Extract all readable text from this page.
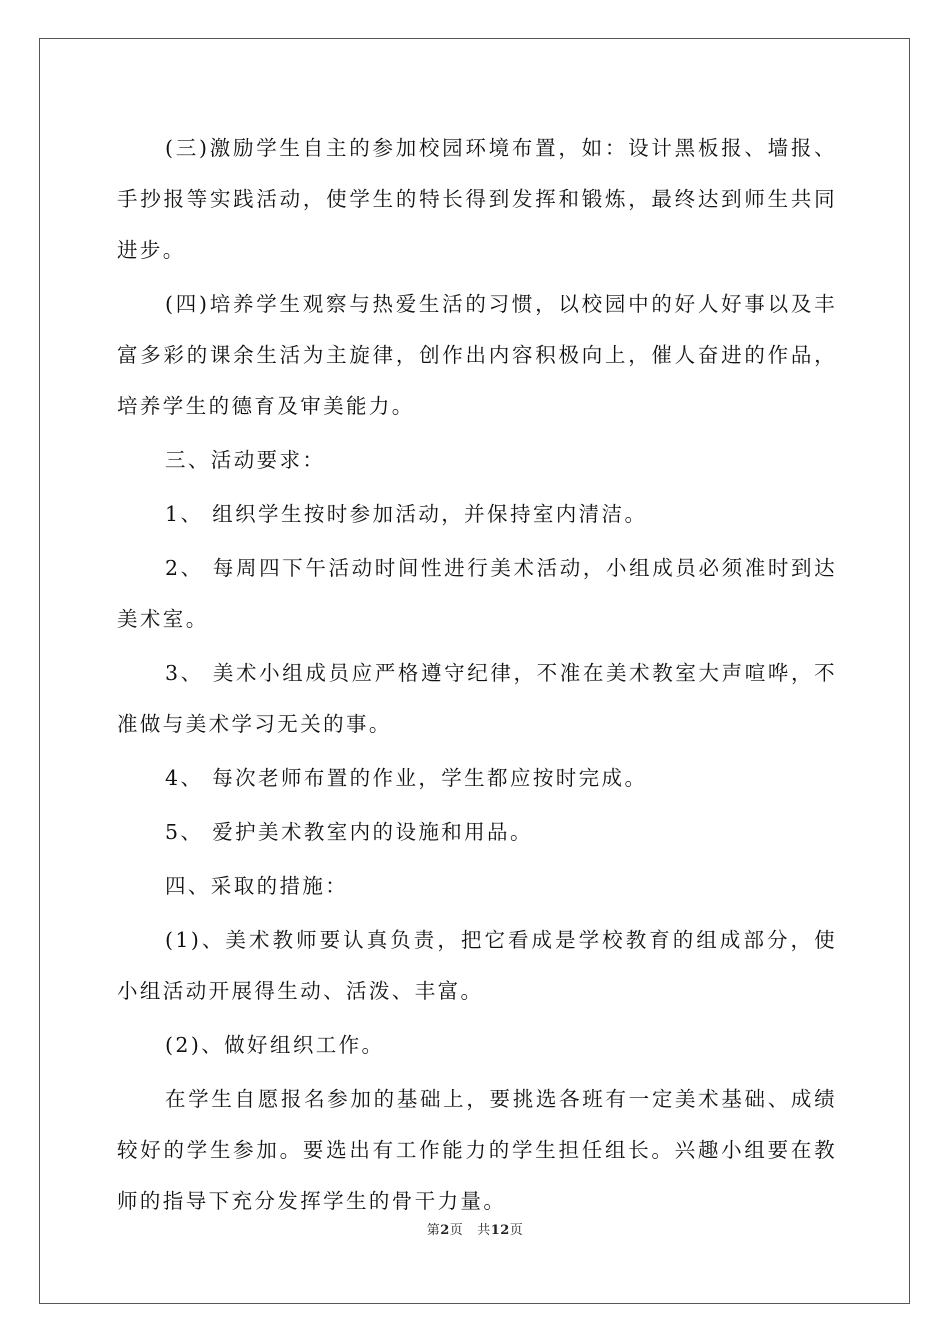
(三)激励学生自主的参加校园环境布置，如：设计黑板报、墙报、手抄报等实践活动，使学生的特长得到发挥和锻炼，最终达到师生共同进步。

(四)培养学生观察与热爱生活的习惯，以校园中的好人好事以及丰富多彩的课余生活为主旋律，创作出内容积极向上，催人奋进的作品，培养学生的德育及审美能力。

三、活动要求：

1、 组织学生按时参加活动，并保持室内清洁。

2、 每周四下午活动时间性进行美术活动，小组成员必须准时到达美术室。

3、 美术小组成员应严格遵守纪律，不准在美术教室大声喧哗，不准做与美术学习无关的事。

4、 每次老师布置的作业，学生都应按时完成。

5、 爱护美术教室内的设施和用品。

四、采取的措施：

(1)、美术教师要认真负责，把它看成是学校教育的组成部分，使小组活动开展得生动、活泼、丰富。

(2)、做好组织工作。

在学生自愿报名参加的基础上，要挑选各班有一定美术基础、成绩较好的学生参加。要选出有工作能力的学生担任组长。兴趣小组要在教师的指导下充分发挥学生的骨干力量。

第2页 共12页
